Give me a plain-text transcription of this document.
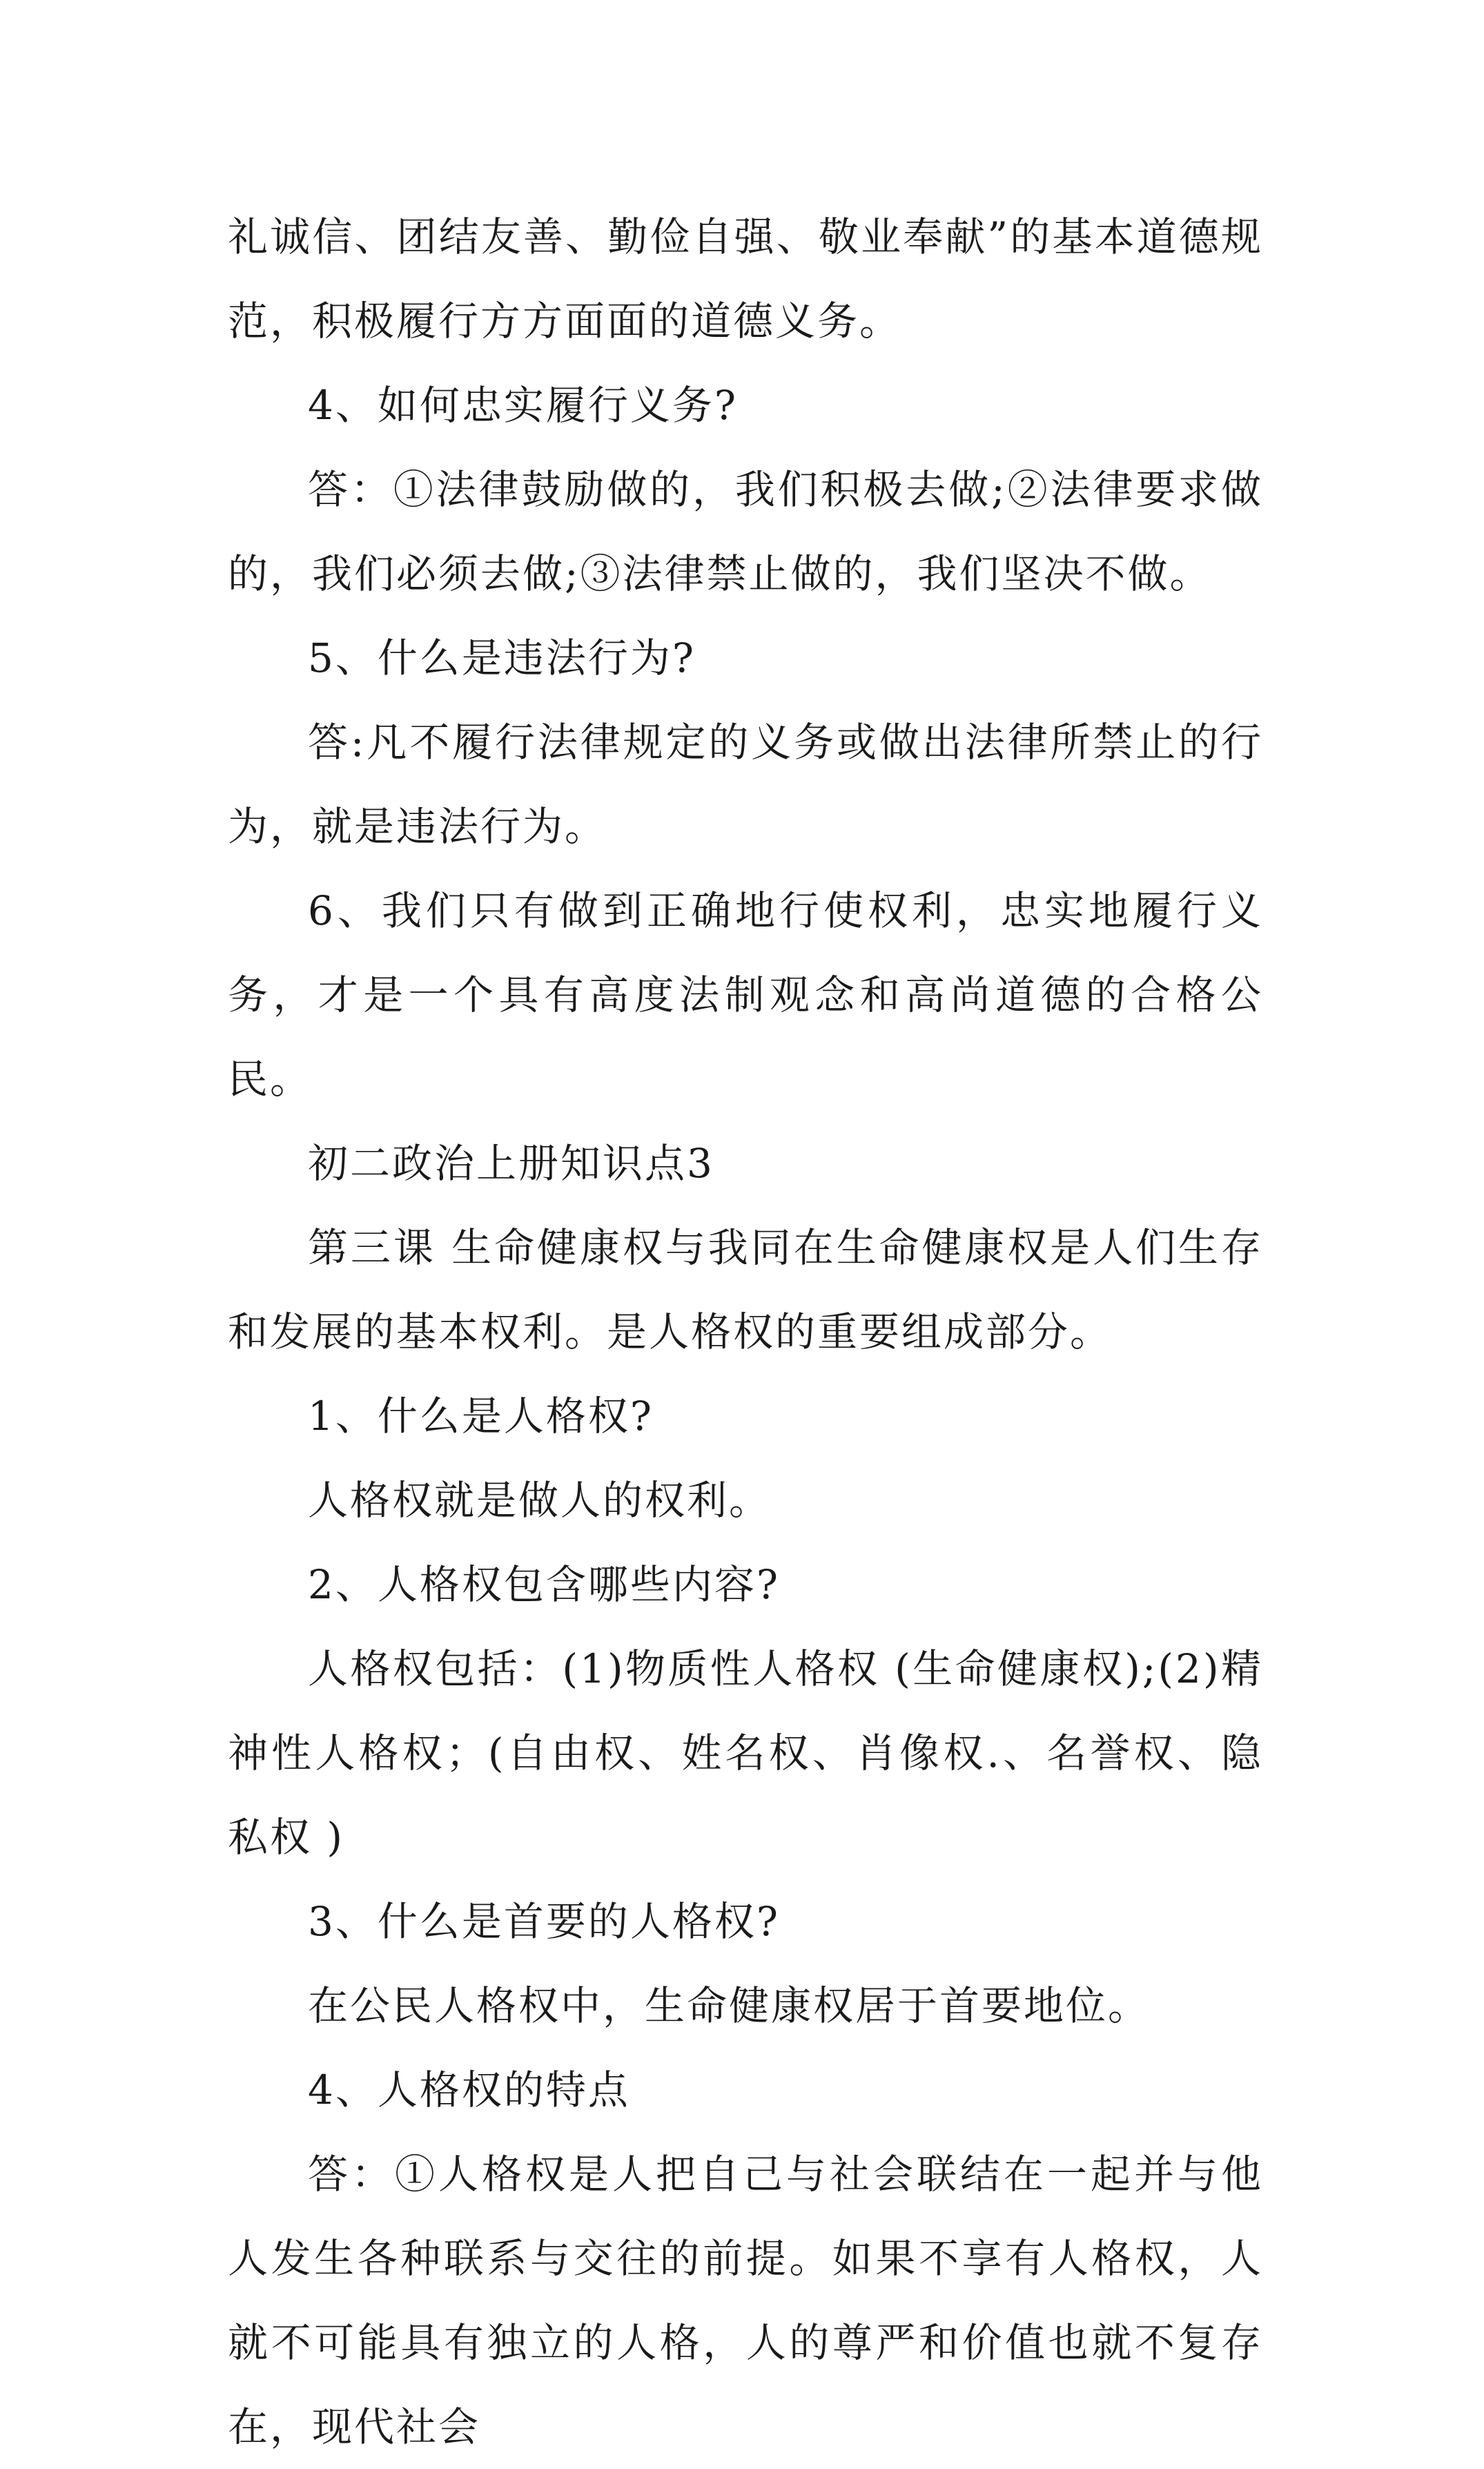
礼诚信、团结友善、勤俭自强、敬业奉献”的基本道德规范，积极履行方方面面的道德义务。

4、如何忠实履行义务?

答：①法律鼓励做的，我们积极去做;②法律要求做的，我们必须去做;③法律禁止做的，我们坚决不做。

5、什么是违法行为?

答:凡不履行法律规定的义务或做出法律所禁止的行为，就是违法行为。

6、我们只有做到正确地行使权利，忠实地履行义务，才是一个具有高度法制观念和高尚道德的合格公民。

初二政治上册知识点3

第三课 生命健康权与我同在生命健康权是人们生存和发展的基本权利。是人格权的重要组成部分。

1、什么是人格权?

人格权就是做人的权利。

2、人格权包含哪些内容?

人格权包括：(1)物质性人格权 (生命健康权);(2)精神性人格权；(自由权、姓名权、肖像权.、名誉权、隐私权 )

3、什么是首要的人格权?

在公民人格权中，生命健康权居于首要地位。

4、人格权的特点

答：①人格权是人把自己与社会联结在一起并与他人发生各种联系与交往的前提。如果不享有人格权，人就不可能具有独立的人格，人的尊严和价值也就不复存在，现代社会
